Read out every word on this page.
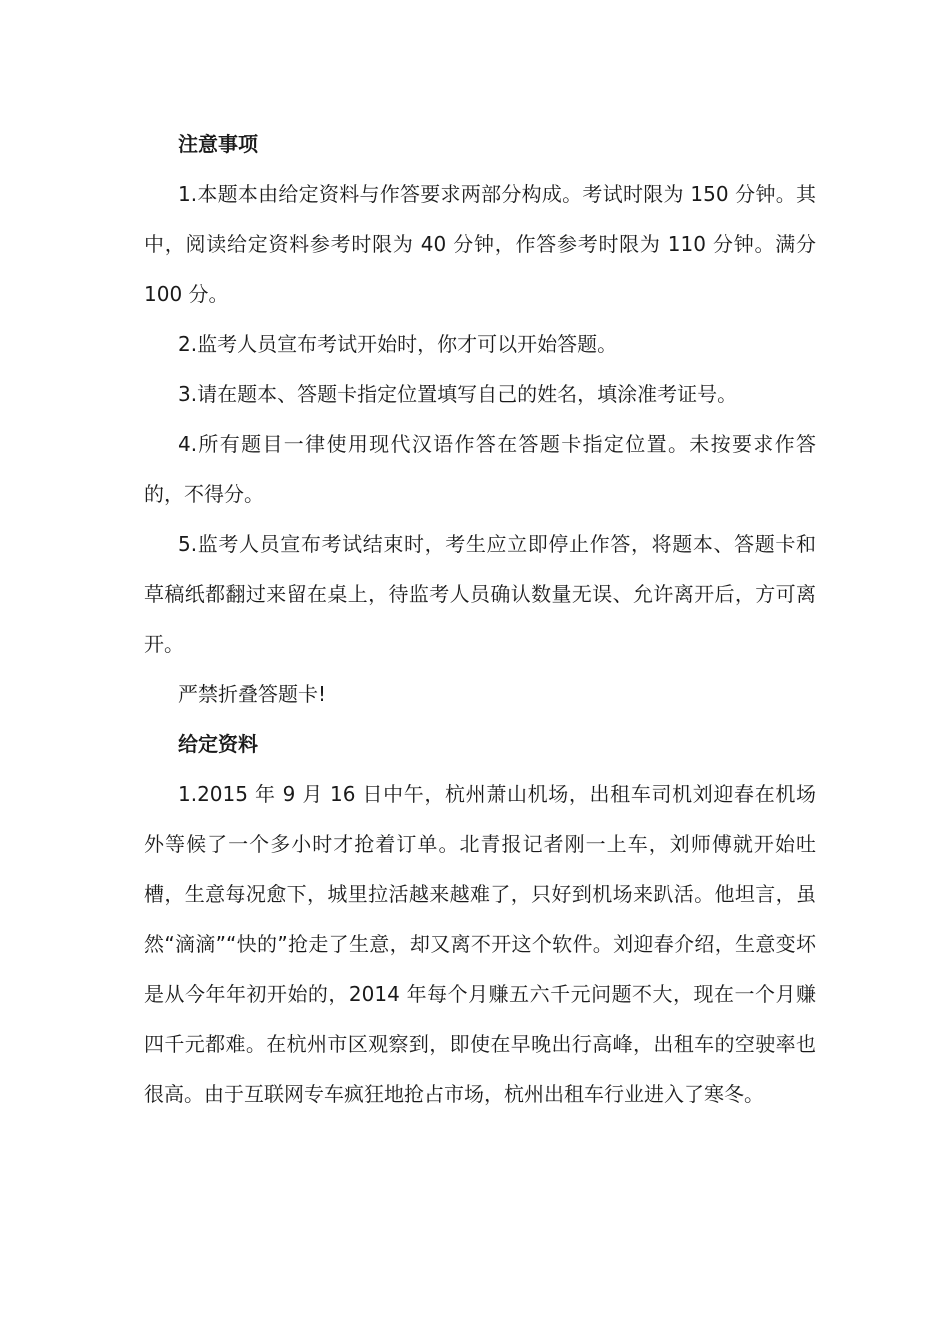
注意事项

1.本题本由给定资料与作答要求两部分构成。考试时限为 150 分钟。其中，阅读给定资料参考时限为 40 分钟，作答参考时限为 110 分钟。满分 100 分。

2.监考人员宣布考试开始时，你才可以开始答题。

3.请在题本、答题卡指定位置填写自己的姓名，填涂准考证号。

4.所有题目一律使用现代汉语作答在答题卡指定位置。未按要求作答的，不得分。

5.监考人员宣布考试结束时，考生应立即停止作答，将题本、答题卡和草稿纸都翻过来留在桌上，待监考人员确认数量无误、允许离开后，方可离开。

严禁折叠答题卡!

给定资料

1.2015 年 9 月 16 日中午，杭州萧山机场，出租车司机刘迎春在机场外等候了一个多小时才抢着订单。北青报记者刚一上车，刘师傅就开始吐槽，生意每况愈下，城里拉活越来越难了，只好到机场来趴活。他坦言，虽然“滴滴”“快的”抢走了生意，却又离不开这个软件。刘迎春介绍，生意变坏是从今年年初开始的，2014 年每个月赚五六千元问题不大，现在一个月赚四千元都难。在杭州市区观察到，即使在早晚出行高峰，出租车的空驶率也很高。由于互联网专车疯狂地抢占市场，杭州出租车行业进入了寒冬。
